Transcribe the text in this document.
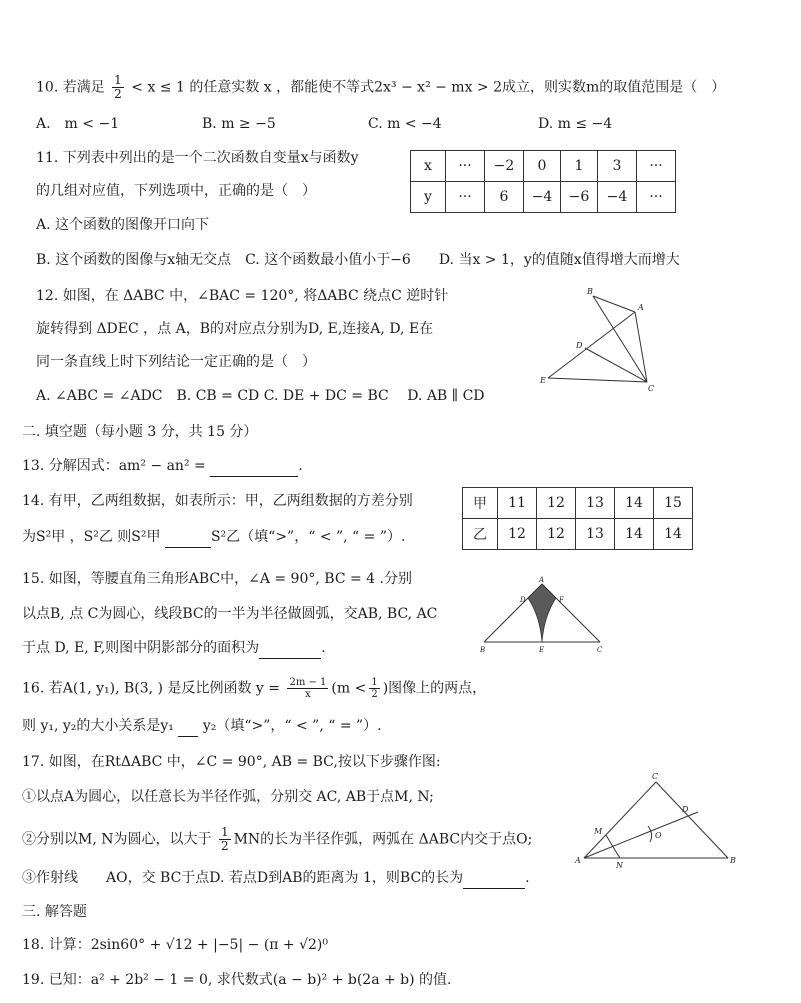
10. 若满足 $\frac{1}{2} < x \le 1$ 的任意实数 x ，都能使不等式2x³ − x² − mx > 2成立，则实数m的取值范围是（　）
A.　m < −1	B. m ≥ −5	C. m < −4	D. m ≤ −4
11. 下列表中列出的是一个二次函数自变量x与函数y
的几组对应值，下列选项中，正确的是（　）
A. 这个函数的图像开口向下
B. 这个函数的图像与x轴无交点　C. 这个函数最小值小于−6　　D. 当x > 1，y的值随x值得增大而增大
x	···	−2	0	1	3	···
y	···	6	−4	−6	−4	···
12. 如图，在 ΔABC 中，∠BAC = 120°, 将ΔABC 绕点C 逆时针
旋转得到 ΔDEC ，点 A，B的对应点分别为D, E,连接A, D, E在
同一条直线上时下列结论一定正确的是（　）
A. ∠ABC = ∠ADC　B. CB = CD C. DE + DC = BC　 D. AB ∥ CD
B
A
D
E
C
二. 填空题（每小题 3 分，共 15 分）
13. 分解因式：am² − an² =	.
14. 有甲，乙两组数据，如表所示：甲，乙两组数据的方差分别
为S²甲 ，S²乙 则S²甲	S²乙（填“>”，“ < ”, “ = ”）.
甲	11	12	13	14	15
乙	12	12	13	14	14
15. 如图，等腰直角三角形ABC中，∠A = 90°, BC = 4 .分别
以点B, 点 C为圆心，线段BC的一半为半径做圆弧，交AB, BC, AC
于点 D, E, F,则图中阴影部分的面积为	.
A
D	F
B	E	C
16. 若A(1, y₁), B(3, ) 是反比例函数 $y = \frac{2m - 1}{x} (m < \frac{1}{2}$ )图像上的两点，
则 y₁, y₂的大小关系是y₁   y₂（填“>”，“ < ”, “ = ”）.
17. 如图，在RtΔABC 中，∠C = 90°, AB = BC,按以下步骤作图:
①以点A为圆心，以任意长为半径作弧，分别交 AC, AB于点M, N;
②分别以M, N为圆心，以大于 $\frac{1}{2}$ MN的长为半径作弧，两弧在 ΔABC内交于点O;
③作射线　　AO，交 BC于点D. 若点D到AB的距离为 1，则BC的长为	.
C
D
M	O
A
N
B
三. 解答题
18. 计算：2sin60° + √12 + |−5| − (π + √2)⁰
19. 已知：a² + 2b² − 1 = 0, 求代数式(a − b)² + b(2a + b) 的值.
